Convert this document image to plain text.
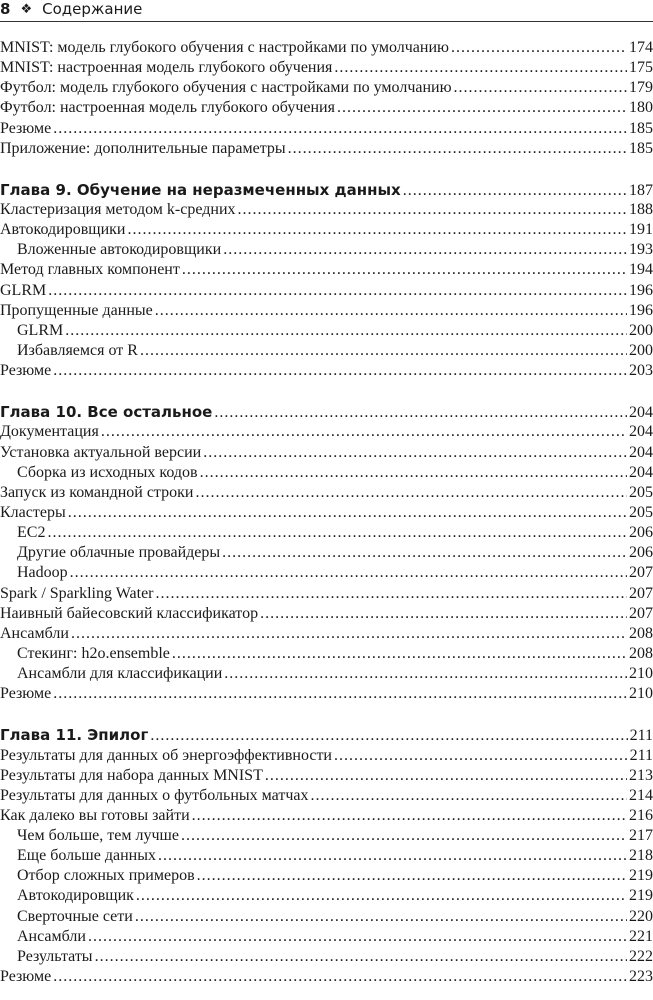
8 ❖ Содержание
MNIST: модель глубокого обучения с настройками по умолчанию .....	174
MNIST: настроенная модель глубокого обучения .....	175
Футбол: модель глубокого обучения с настройками по умолчанию .....	179
Футбол: настроенная модель глубокого обучения .....	180
Резюме .....	185
Приложение: дополнительные параметры .....	185
Глава 9. Обучение на неразмеченных данных .....	187
Кластеризация методом k-средних .....	188
Автокодировщики .....	191
Вложенные автокодировщики .....	193
Метод главных компонент .....	194
GLRM .....	196
Пропущенные данные .....	196
GLRM .....	200
Избавляемся от R .....	200
Резюме .....	203
Глава 10. Все остальное .....	204
Документация .....	204
Установка актуальной версии .....	204
Сборка из исходных кодов .....	204
Запуск из командной строки .....	205
Кластеры .....	205
EC2 .....	206
Другие облачные провайдеры .....	206
Hadoop .....	207
Spark / Sparkling Water .....	207
Наивный байесовский классификатор .....	207
Ансамбли .....	208
Стекинг: h2o.ensemble .....	208
Ансамбли для классификации .....	210
Резюме .....	210
Глава 11. Эпилог .....	211
Результаты для данных об энергоэффективности .....	211
Результаты для набора данных MNIST .....	213
Результаты для данных о футбольных матчах .....	214
Как далеко вы готовы зайти .....	216
Чем больше, тем лучше .....	217
Еще больше данных .....	218
Отбор сложных примеров .....	219
Автокодировщик .....	219
Сверточные сети .....	220
Ансамбли .....	221
Результаты .....	222
Резюме .....	223
